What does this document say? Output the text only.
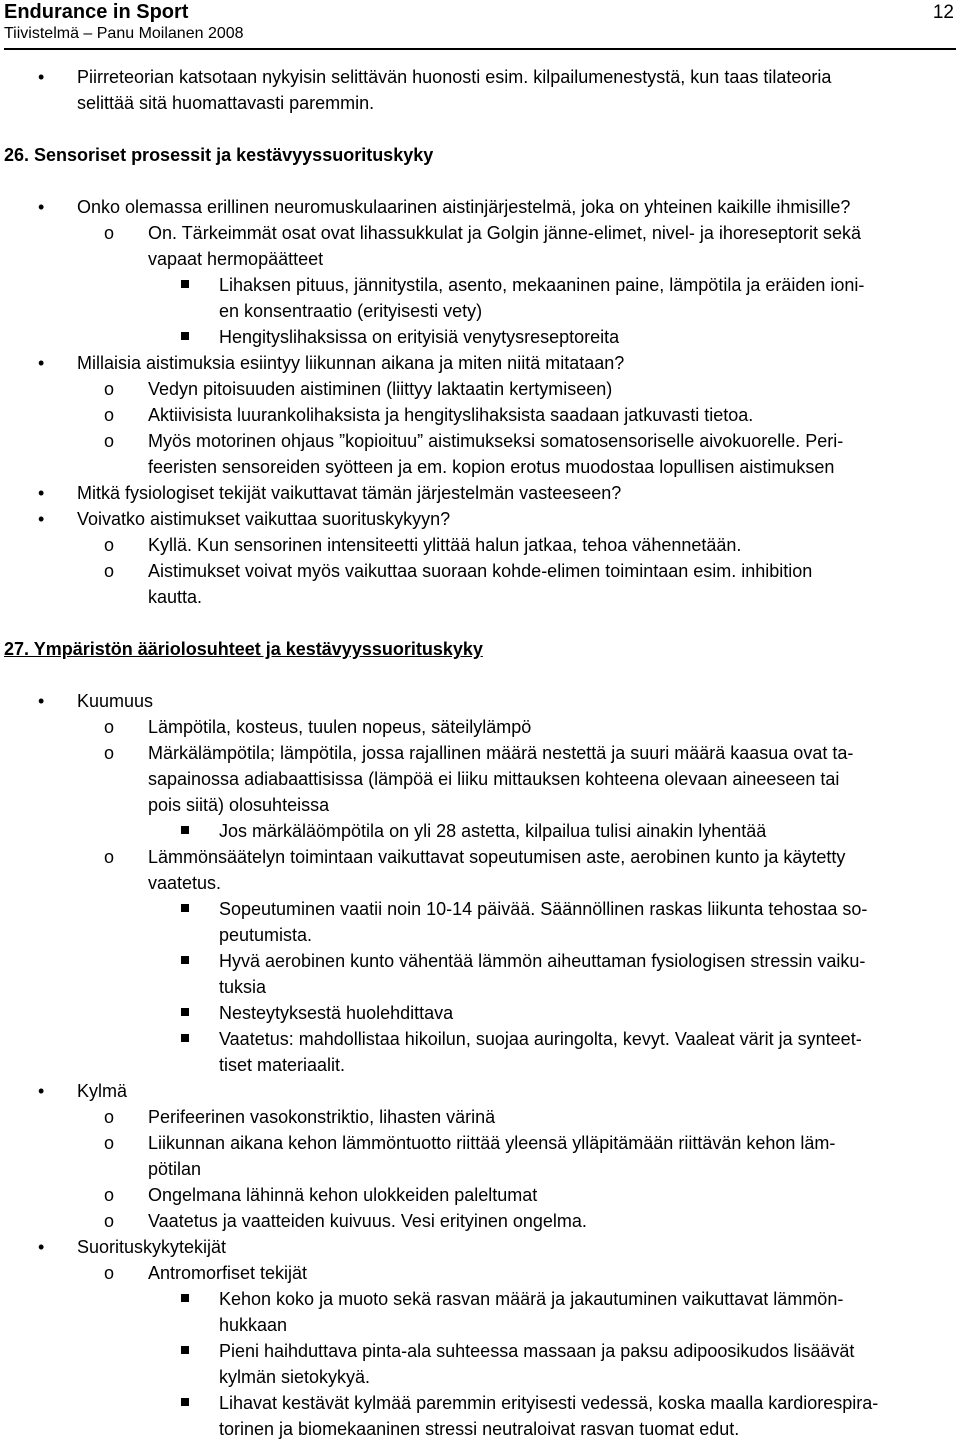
Endurance in Sport
Tiivistelmä – Panu Moilanen 2008
12
• Piirreteorian katsotaan nykyisin selittävän huonosti esim. kilpailumenestystä, kun taas tilateoria
selittää sitä huomattavasti paremmin.
26. Sensoriset prosessit ja kestävyyssuorituskyky
• Onko olemassa erillinen neuromuskulaarinen aistinjärjestelmä, joka on yhteinen kaikille ihmisille?
o On. Tärkeimmät osat ovat lihassukkulat ja Golgin jänne-elimet, nivel- ja ihoreseptorit sekä
vapaat hermopäätteet
Lihaksen pituus, jännitystila, asento, mekaaninen paine, lämpötila ja eräiden ioni-
en konsentraatio (erityisesti vety)
Hengityslihaksissa on erityisiä venytysreseptoreita
• Millaisia aistimuksia esiintyy liikunnan aikana ja miten niitä mitataan?
o Vedyn pitoisuuden aistiminen (liittyy laktaatin kertymiseen)
o Aktiivisista luurankolihaksista ja hengityslihaksista saadaan jatkuvasti tietoa.
o Myös motorinen ohjaus ”kopioituu” aistimukseksi somatosensoriselle aivokuorelle. Peri-
feeristen sensoreiden syötteen ja em. kopion erotus muodostaa lopullisen aistimuksen
• Mitkä fysiologiset tekijät vaikuttavat tämän järjestelmän vasteeseen?
• Voivatko aistimukset vaikuttaa suorituskykyyn?
o Kyllä. Kun sensorinen intensiteetti ylittää halun jatkaa, tehoa vähennetään.
o Aistimukset voivat myös vaikuttaa suoraan kohde-elimen toimintaan esim. inhibition
kautta.
27. Ympäristön ääriolosuhteet ja kestävyyssuorituskyky
• Kuumuus
o Lämpötila, kosteus, tuulen nopeus, säteilylämpö
o Märkälämpötila; lämpötila, jossa rajallinen määrä nestettä ja suuri määrä kaasua ovat ta-
sapainossa adiabaattisissa (lämpöä ei liiku mittauksen kohteena olevaan aineeseen tai
pois siitä) olosuhteissa
Jos märkäläömpötila on yli 28 astetta, kilpailua tulisi ainakin lyhentää
o Lämmönsäätelyn toimintaan vaikuttavat sopeutumisen aste, aerobinen kunto ja käytetty
vaatetus.
Sopeutuminen vaatii noin 10-14 päivää. Säännöllinen raskas liikunta tehostaa so-
peutumista.
Hyvä aerobinen kunto vähentää lämmön aiheuttaman fysiologisen stressin vaiku-
tuksia
Nesteytyksestä huolehdittava
Vaatetus: mahdollistaa hikoilun, suojaa auringolta, kevyt. Vaaleat värit ja synteet-
tiset materiaalit.
• Kylmä
o Perifeerinen vasokonstriktio, lihasten värinä
o Liikunnan aikana kehon lämmöntuotto riittää yleensä ylläpitämään riittävän kehon läm-
pötilan
o Ongelmana lähinnä kehon ulokkeiden paleltumat
o Vaatetus ja vaatteiden kuivuus. Vesi erityinen ongelma.
• Suorituskykytekijät
o Antromorfiset tekijät
Kehon koko ja muoto sekä rasvan määrä ja jakautuminen vaikuttavat lämmön-
hukkaan
Pieni haihduttava pinta-ala suhteessa massaan ja paksu adipoosikudos lisäävät
kylmän sietokykyä.
Lihavat kestävät kylmää paremmin erityisesti vedessä, koska maalla kardiorespira-
torinen ja biomekaaninen stressi neutraloivat rasvan tuomat edut.
